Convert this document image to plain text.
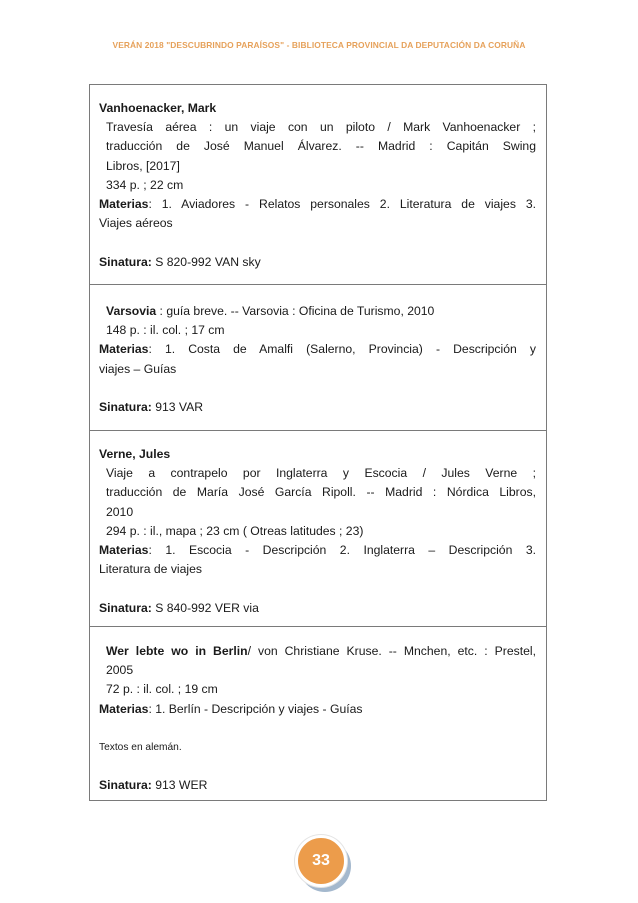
VERÁN 2018 "DESCUBRINDO PARAÍSOS" - BIBLIOTECA PROVINCIAL DA DEPUTACIÓN DA CORUÑA
Vanhoenacker, Mark
Travesía aérea : un viaje con un piloto / Mark Vanhoenacker ;
traducción de José Manuel Álvarez. -- Madrid : Capitán Swing
Libros, [2017]
334 p. ; 22 cm
Materias: 1. Aviadores - Relatos personales 2. Literatura de viajes 3.
Viajes aéreos
Sinatura: S 820-992 VAN sky
Varsovia : guía breve. -- Varsovia : Oficina de Turismo, 2010
148 p. : il. col. ; 17 cm
Materias: 1. Costa de Amalfi (Salerno, Provincia) - Descripción y
viajes – Guías
Sinatura: 913 VAR
Verne, Jules
Viaje a contrapelo por Inglaterra y Escocia / Jules Verne ;
traducción de María José García Ripoll. -- Madrid : Nórdica Libros,
2010
294 p. : il., mapa ; 23 cm ( Otreas latitudes ; 23)
Materias: 1. Escocia - Descripción 2. Inglaterra – Descripción 3.
Literatura de viajes
Sinatura: S 840-992 VER via
Wer lebte wo in Berlin/ von Christiane Kruse. -- Mnchen, etc. : Prestel,
2005
72 p. : il. col. ; 19 cm
Materias: 1. Berlín - Descripción y viajes - Guías
Textos en alemán.
Sinatura: 913 WER
33
